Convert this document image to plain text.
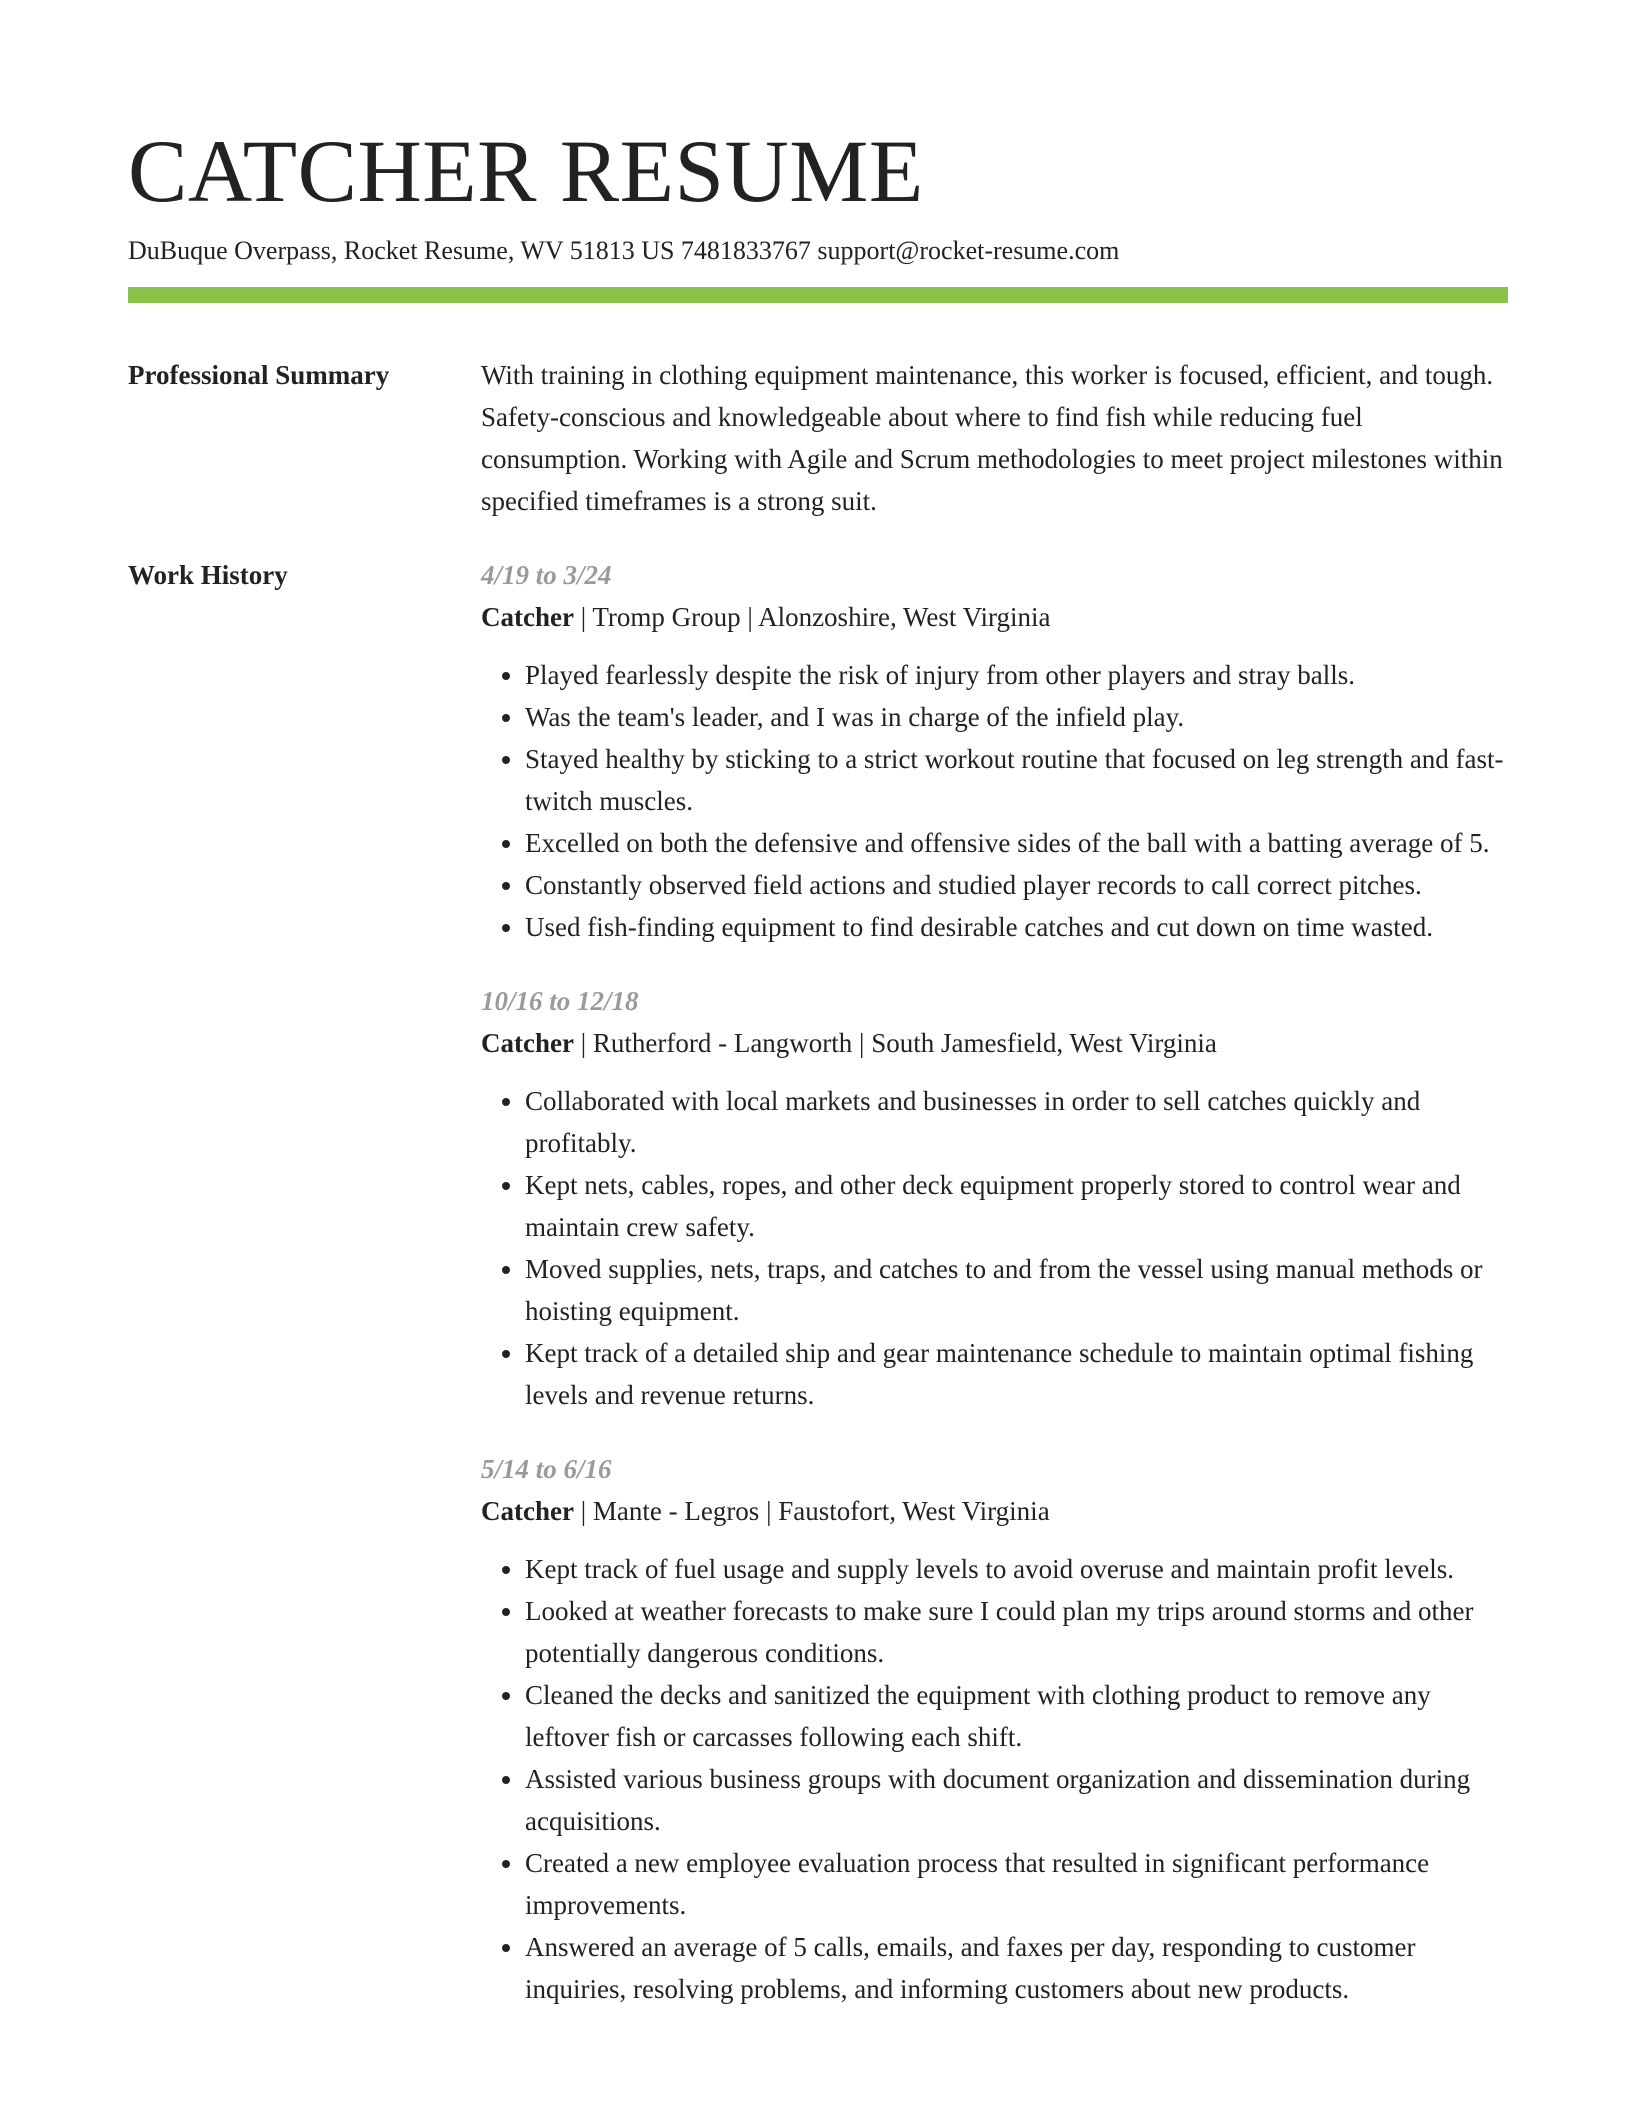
CATCHER RESUME
DuBuque Overpass, Rocket Resume, WV 51813 US 7481833767 support@rocket-resume.com
Professional Summary	With training in clothing equipment maintenance, this worker is focused, efficient, and tough. Safety-conscious and knowledgeable about where to find fish while reducing fuel consumption. Working with Agile and Scrum methodologies to meet project milestones within specified timeframes is a strong suit.

Work History	4/19 to 3/24
Catcher | Tromp Group | Alonzoshire, West Virginia
• Played fearlessly despite the risk of injury from other players and stray balls.
• Was the team's leader, and I was in charge of the infield play.
• Stayed healthy by sticking to a strict workout routine that focused on leg strength and fast-twitch muscles.
• Excelled on both the defensive and offensive sides of the ball with a batting average of 5.
• Constantly observed field actions and studied player records to call correct pitches.
• Used fish-finding equipment to find desirable catches and cut down on time wasted.
10/16 to 12/18
Catcher | Rutherford - Langworth | South Jamesfield, West Virginia
• Collaborated with local markets and businesses in order to sell catches quickly and profitably.
• Kept nets, cables, ropes, and other deck equipment properly stored to control wear and maintain crew safety.
• Moved supplies, nets, traps, and catches to and from the vessel using manual methods or hoisting equipment.
• Kept track of a detailed ship and gear maintenance schedule to maintain optimal fishing levels and revenue returns.
5/14 to 6/16
Catcher | Mante - Legros | Faustofort, West Virginia
• Kept track of fuel usage and supply levels to avoid overuse and maintain profit levels.
• Looked at weather forecasts to make sure I could plan my trips around storms and other potentially dangerous conditions.
• Cleaned the decks and sanitized the equipment with clothing product to remove any leftover fish or carcasses following each shift.
• Assisted various business groups with document organization and dissemination during acquisitions.
• Created a new employee evaluation process that resulted in significant performance improvements.
• Answered an average of 5 calls, emails, and faxes per day, responding to customer inquiries, resolving problems, and informing customers about new products.
